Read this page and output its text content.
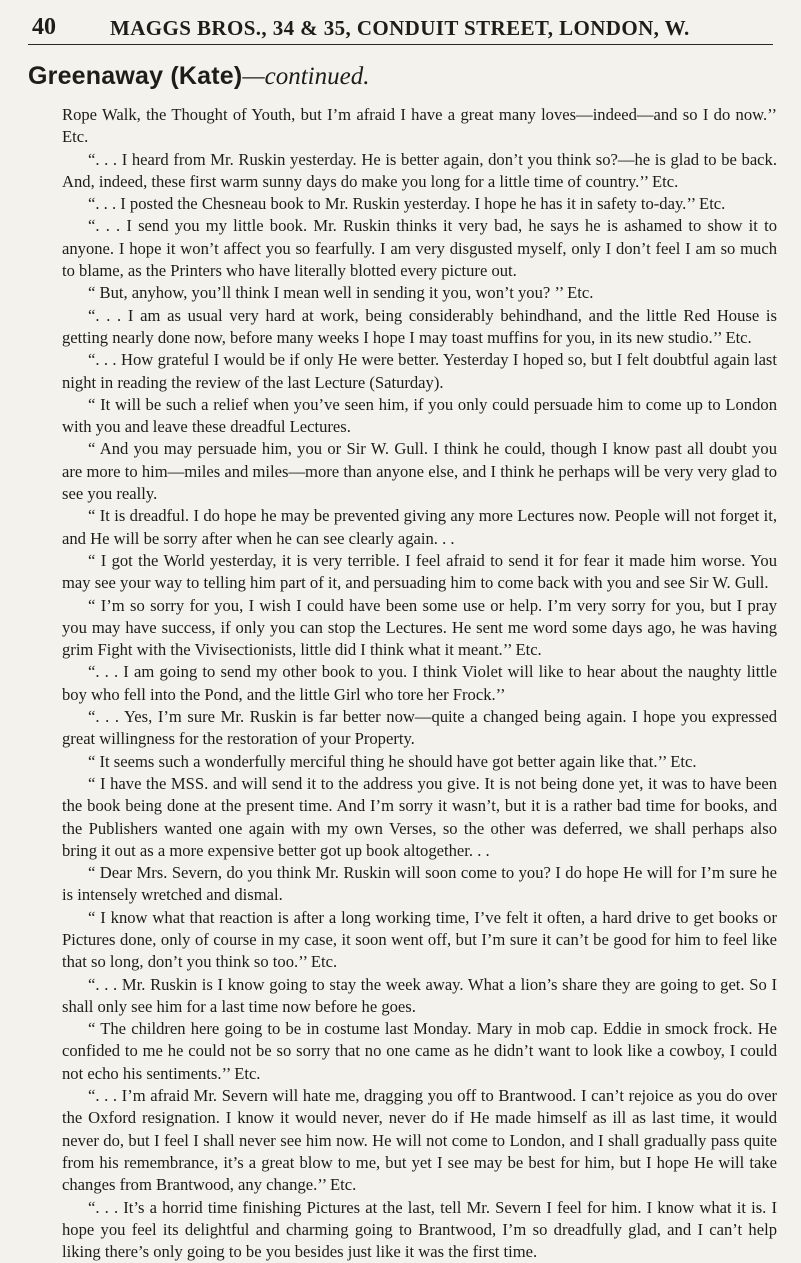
40	MAGGS BROS., 34 & 35, CONDUIT STREET, LONDON, W.
Greenaway (Kate)—continued.

Rope Walk, the Thought of Youth, but I’m afraid I have a great many loves—indeed—and so I do now.’’ Etc.

“. . . I heard from Mr. Ruskin yesterday. He is better again, don’t you think so?—he is glad to be back. And, indeed, these first warm sunny days do make you long for a little time of country.’’ Etc.

“. . . I posted the Chesneau book to Mr. Ruskin yesterday. I hope he has it in safety to-day.’’ Etc.

“. . . I send you my little book. Mr. Ruskin thinks it very bad, he says he is ashamed to show it to anyone. I hope it won’t affect you so fearfully. I am very disgusted myself, only I don’t feel I am so much to blame, as the Printers who have literally blotted every picture out.

“ But, anyhow, you’ll think I mean well in sending it you, won’t you? ’’ Etc.

“. . . I am as usual very hard at work, being considerably behindhand, and the little Red House is getting nearly done now, before many weeks I hope I may toast muffins for you, in its new studio.’’ Etc.

“. . . How grateful I would be if only He were better. Yesterday I hoped so, but I felt doubtful again last night in reading the review of the last Lecture (Saturday).

“ It will be such a relief when you’ve seen him, if you only could persuade him to come up to London with you and leave these dreadful Lectures.

“ And you may persuade him, you or Sir W. Gull. I think he could, though I know past all doubt you are more to him—miles and miles—more than anyone else, and I think he perhaps will be very very glad to see you really.

“ It is dreadful. I do hope he may be prevented giving any more Lectures now. People will not forget it, and He will be sorry after when he can see clearly again. . .

“ I got the World yesterday, it is very terrible. I feel afraid to send it for fear it made him worse. You may see your way to telling him part of it, and persuading him to come back with you and see Sir W. Gull.

“ I’m so sorry for you, I wish I could have been some use or help. I’m very sorry for you, but I pray you may have success, if only you can stop the Lectures. He sent me word some days ago, he was having grim Fight with the Vivisectionists, little did I think what it meant.’’ Etc.

“. . . I am going to send my other book to you. I think Violet will like to hear about the naughty little boy who fell into the Pond, and the little Girl who tore her Frock.’’

“. . . Yes, I’m sure Mr. Ruskin is far better now—quite a changed being again. I hope you expressed great willingness for the restoration of your Property.

“ It seems such a wonderfully merciful thing he should have got better again like that.’’ Etc.

“ I have the MSS. and will send it to the address you give. It is not being done yet, it was to have been the book being done at the present time. And I’m sorry it wasn’t, but it is a rather bad time for books, and the Publishers wanted one again with my own Verses, so the other was deferred, we shall perhaps also bring it out as a more expensive better got up book altogether. . .

“ Dear Mrs. Severn, do you think Mr. Ruskin will soon come to you? I do hope He will for I’m sure he is intensely wretched and dismal.

“ I know what that reaction is after a long working time, I’ve felt it often, a hard drive to get books or Pictures done, only of course in my case, it soon went off, but I’m sure it can’t be good for him to feel like that so long, don’t you think so too.’’ Etc.

“. . . Mr. Ruskin is I know going to stay the week away. What a lion’s share they are going to get. So I shall only see him for a last time now before he goes.

“ The children here going to be in costume last Monday. Mary in mob cap. Eddie in smock frock. He confided to me he could not be so sorry that no one came as he didn’t want to look like a cowboy, I could not echo his sentiments.’’ Etc.

“. . . I’m afraid Mr. Severn will hate me, dragging you off to Brantwood. I can’t rejoice as you do over the Oxford resignation. I know it would never, never do if He made himself as ill as last time, it would never do, but I feel I shall never see him now. He will not come to London, and I shall gradually pass quite from his remembrance, it’s a great blow to me, but yet I see may be best for him, but I hope He will take changes from Brantwood, any change.’’ Etc.

“. . . It’s a horrid time finishing Pictures at the last, tell Mr. Severn I feel for him. I know what it is. I hope you feel its delightful and charming going to Brantwood, I’m so dreadfully glad, and I can’t help liking there’s only going to be you besides just like it was the first time.
